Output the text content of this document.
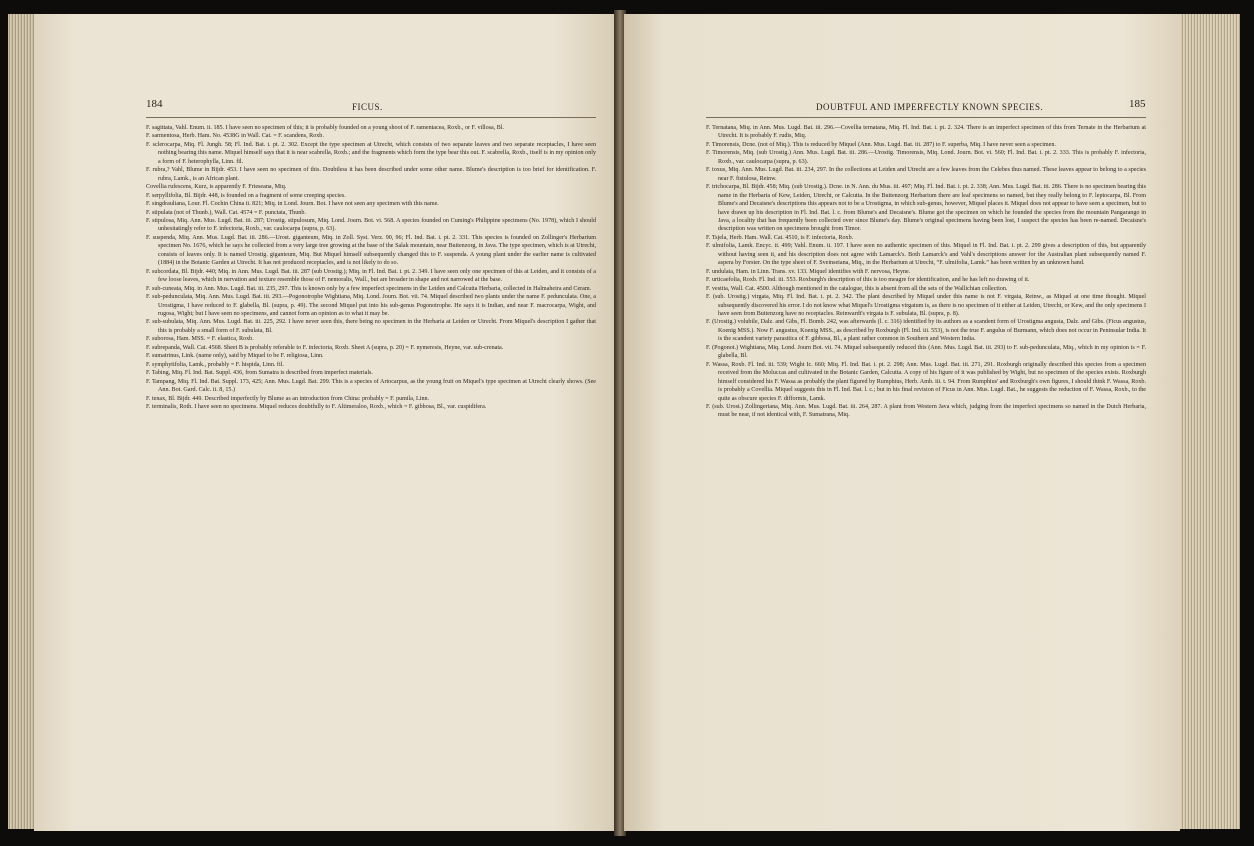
184	FICUS.

F. sagittata, Vahl. Enum. ii. 185. I have seen no specimen of this; it is probably founded on a young shoot of F. ramentacea, Roxb., or F. villosa, Bl.

F. sarmentosa, Herb. Ham. No. 4538G in Wall. Cat. = F. scandens, Roxb.

F. sclerocarpa, Miq. Fl. Jungh. 58; Fl. Ind. Bat. i. pt. 2. 302. Except the type specimen at Utrecht, which consists of two separate leaves and two separate receptacles, I have seen nothing bearing this name. Miquel himself says that it is near scabrella, Roxb.; and the fragments which form the type bear this out. F. scabrella, Roxb., itself is in my opinion only a form of F. heterophylla, Linn. fil.

F. rubra,? Vahl, Blume in Bijdr. 453. I have seen no specimen of this. Doubtless it has been described under some other name. Blume's description is too brief for identification. F. rubra, Lamk., is an African plant.

Covellia rufescens, Kurz, is apparently F. Frieseana, Miq.

F. serpyllifolia, Bl. Bijdr. 448, is founded on a fragment of some creeping species.

F. singdrauliana, Lour. Fl. Cochin China ii. 821; Miq. in Lond. Journ. Bot. I have not seen any specimen with this name.

F. stipulata (not of Thunb.), Wall. Cat. 4574 = F. punctata, Thunb.

F. stipulosa, Miq. Ann. Mus. Lugd. Bat. iii. 287; Urostig. stipulosum, Miq. Lond. Journ. Bot. vi. 568. A species founded on Cuming's Philippine specimens (No. 1978), which I should unhesitatingly refer to F. infectoria, Roxb., var. caulocarpa (supra, p. 63).

F. suspenda, Miq. Ann. Mus. Lugd. Bat. iii. 286.—Urost. giganteum, Miq. in Zoll. Syst. Verz. 90, 96; Fl. Ind. Bat. i. pt. 2. 331. This species is founded on Zollinger's Herbarium specimen No. 1676, which he says he collected from a very large tree growing at the base of the Salak mountain, near Buitenzorg, in Java. The type specimen, which is at Utrecht, consists of leaves only. It is named Urostig. giganteum, Miq. But Miquel himself subsequently changed this to F. suspenda. A young plant under the earlier name is cultivated (1884) in the Botanic Garden at Utrecht. It has not produced receptacles, and is not likely to do so.

F. subcordata, Bl. Bijdr. 440; Miq. in Ann. Mus. Lugd. Bat. iii. 287 (sub Urostig.); Miq. in Fl. Ind. Bat. i. pt. 2. 349. I have seen only one specimen of this at Leiden, and it consists of a few loose leaves, which in nervation and texture resemble those of F. nemoralis, Wall., but are broader in shape and not narrowed at the base.

F. sub-cuneata, Miq. in Ann. Mus. Lugd. Bat. iii. 235, 297. This is known only by a few imperfect specimens in the Leiden and Calcutta Herbaria, collected in Halmaheira and Ceram.

F. sub-pedunculata, Miq. Ann. Mus. Lugd. Bat. iii. 293.—Pogonotrophe Wightiana, Miq. Lond. Journ. Bot. vii. 74. Miquel described two plants under the name F. pedunculata. One, a Urostigma, I have reduced to F. glabella, Bl. (supra, p. 49). The second Miquel put into his sub-genus Pogonotrophe. He says it is Indian, and near F. macrocarpa, Wight, and rugosa, Wight; but I have seen no specimens, and cannot form an opinion as to what it may be.

F. sub-subulata, Miq. Ann. Mus. Lugd. Bat. iii. 225, 292. I have never seen this, there being no specimen in the Herbaria at Leiden or Utrecht. From Miquel's description I gather that this is probably a small form of F. subulata, Bl.

F. suborosa, Ham. MSS. = F. elastica, Roxb.

F. subrepanda, Wall. Cat. 4568. Sheet B is probably referable to F. infectoria, Roxb. Sheet A (supra, p. 20) = F. nymeresis, Heyne, var. sub-crenata.

F. sumatrinus, Link. (name only), said by Miquel to be F. religiosa, Linn.

F. symphytifolia, Lamk., probably = F. hispida, Linn. fil.

F. Tabing, Miq. Fl. Ind. Bat. Suppl. 436, from Sumatra is described from imperfect materials.

F. Tampang, Miq. Fl. Ind. Bat. Suppl. 173, 425; Ann. Mus. Lugd. Bat. 299. This is a species of Artocarpus, as the young fruit on Miquel's type specimen at Utrecht clearly shows. (See Ann. Bot. Gard. Calc. ii. 8, 15.)

F. tenax, Bl. Bijdr. 449. Described imperfectly by Blume as an introduction from China: probably = F. pumila, Linn.

F. terminalis, Roth. I have seen no specimens. Miquel reduces doubtfully to F. Altimeraloo, Roxb., which = F. gibbosa, Bl., var. cuspidifera.

DOUBTFUL AND IMPERFECTLY KNOWN SPECIES.	185

F. Ternatana, Miq. in Ann. Mus. Lugd. Bat. iii. 296.—Covellia ternatana, Miq. Fl. Ind. Bat. i. pt. 2. 324. There is an imperfect specimen of this from Ternate in the Herbarium at Utrecht. It is probably F. rudis, Miq.

F. Timorensis, Dcne. (not of Miq.). This is reduced by Miquel (Ann. Mus. Lugd. Bat. iii. 287) to F. superba, Miq. I have never seen a specimen.

F. Timorensis, Miq. (sub Urostig.) Ann. Mus. Lugd. Bat. iii. 286.—Urostig. Timorensis, Miq. Lond. Journ. Bot. vi. 560; Fl. Ind. Bat. i. pt. 2. 333. This is probably F. infectoria, Roxb., var. caulocarpa (supra, p. 63).

F. toxus, Miq. Ann. Mus. Lugd. Bat. iii. 234, 297. In the collections at Leiden and Utrecht are a few leaves from the Celebes thus named. These leaves appear to belong to a species near F. fistulosa, Reinw.

F. trichocarpa, Bl. Bijdr. 458; Miq. (sub Urostig.). Dcne. in N. Ann. du Mus. iii. 497; Miq. Fl. Ind. Bat. i. pt. 2. 338; Ann. Mus. Lugd. Bat. iii. 286. There is no specimen bearing this name in the Herbaria of Kew, Leiden, Utrecht, or Calcutta. In the Buitenzorg Herbarium there are leaf specimens so named, but they really belong to F. leptocarpa, Bl. From Blume's and Decaisne's descriptions this appears not to be a Urostigma, in which sub-genus, however, Miquel places it. Miquel does not appear to have seen a specimen, but to have drawn up his description in Fl. Ind. Bat. l. c. from Blume's and Decaisne's. Blume got the specimen on which he founded the species from the mountain Pangarango in Java, a locality that has frequently been collected over since Blume's day. Blume's original specimens having been lost, I suspect the species has been re-named. Decaisne's description was written on specimens brought from Timor.

F. Tsjela, Herb. Ham. Wall. Cat. 4510, is F. infectoria, Roxb.

F. ulmifolia, Lamk. Encyc. ii. 499; Vahl. Enum. ii. 197. I have seen no authentic specimen of this. Miquel in Fl. Ind. Bat. i. pt. 2. 299 gives a description of this, but apparently without having seen it, and his description does not agree with Lamarck's. Both Lamarck's and Vahl's descriptions answer for the Australian plant subsequently named F. aspera by Forster. On the type sheet of F. Sveinseiana, Miq., in the Herbarium at Utrecht, “F. ulmifolia, Lamk.” has been written by an unknown hand.

F. undulata, Ham. in Linn. Trans. xv. 133. Miquel identifies with F. nervosa, Heyne.

F. urticaefolia, Roxb. Fl. Ind. iii. 553. Roxburgh's description of this is too meagre for identification, and he has left no drawing of it.

F. vestita, Wall. Cat. 4500. Although mentioned in the catalogue, this is absent from all the sets of the Wallichian collection.

F. (sub. Urostig.) virgata, Miq. Fl. Ind. Bat. i. pt. 2. 342. The plant described by Miquel under this name is not F. virgata, Reinw., as Miquel at one time thought. Miquel subsequently discovered his error. I do not know what Miquel's Urostigma virgatum is, as there is no specimen of it either at Leiden, Utrecht, or Kew, and the only specimens I have seen from Buitenzorg have no receptacles. Reinwardt's virgata is F. subulata, Bl. (supra, p. 8).

F. (Urostig.) volubile, Dalz. and Gibs, Fl. Bomb. 242, was afterwards (l. c. 316) identified by its authors as a scandent form of Urostigma angusta, Dalz. and Gibs. (Ficus angustus, Koenig MSS.). Now F. angustus, Koenig MSS., as described by Roxburgh (Fl. Ind. iii. 553), is not the true F. angulus of Burmann, which does not occur in Peninsular India. It is the scandent variety parasitica of F. gibbosa, Bl., a plant rather common in Southern and Western India.

F. (Pogonot.) Wightiana, Miq. Lond. Journ Bot. vii. 74. Miquel subsequently reduced this (Ann. Mus. Lugd. Bat. iii. 293) to F. sub-pedunculata, Miq., which in my opinion is = F. glabella, Bl.

F. Wassa, Roxb. Fl. Ind. iii. 539; Wight Ic. 660; Miq. Fl. Ind. Bat. i. pt. 2. 298; Ann. Mus. Lugd. Bat. iii. 271, 291. Roxburgh originally described this species from a specimen received from the Moluccas and cultivated in the Botanic Garden, Calcutta. A copy of his figure of it was published by Wight, but no specimen of the species exists. Roxburgh himself considered his F. Wassa as probably the plant figured by Rumphius, Herb. Amb. iii. t. 94. From Rumphius' and Roxburgh's own figures, I should think F. Wassa, Roxb. is probably a Covellia. Miquel suggests this in Fl. Ind. Bat. l. c.; but in his final revision of Ficus in Ann. Mus. Lugd. Bat., he suggests the reduction of F. Wassa, Roxb., to the quite as obscure species F. difformis, Lamk.

F. (sub. Urost.) Zollingeriana, Miq. Ann. Mus. Lugd. Bat. iii. 264, 287. A plant from Western Java which, judging from the imperfect specimens so named in the Dutch Herbaria, must be near, if not identical with, F. Sumatrana, Miq.
